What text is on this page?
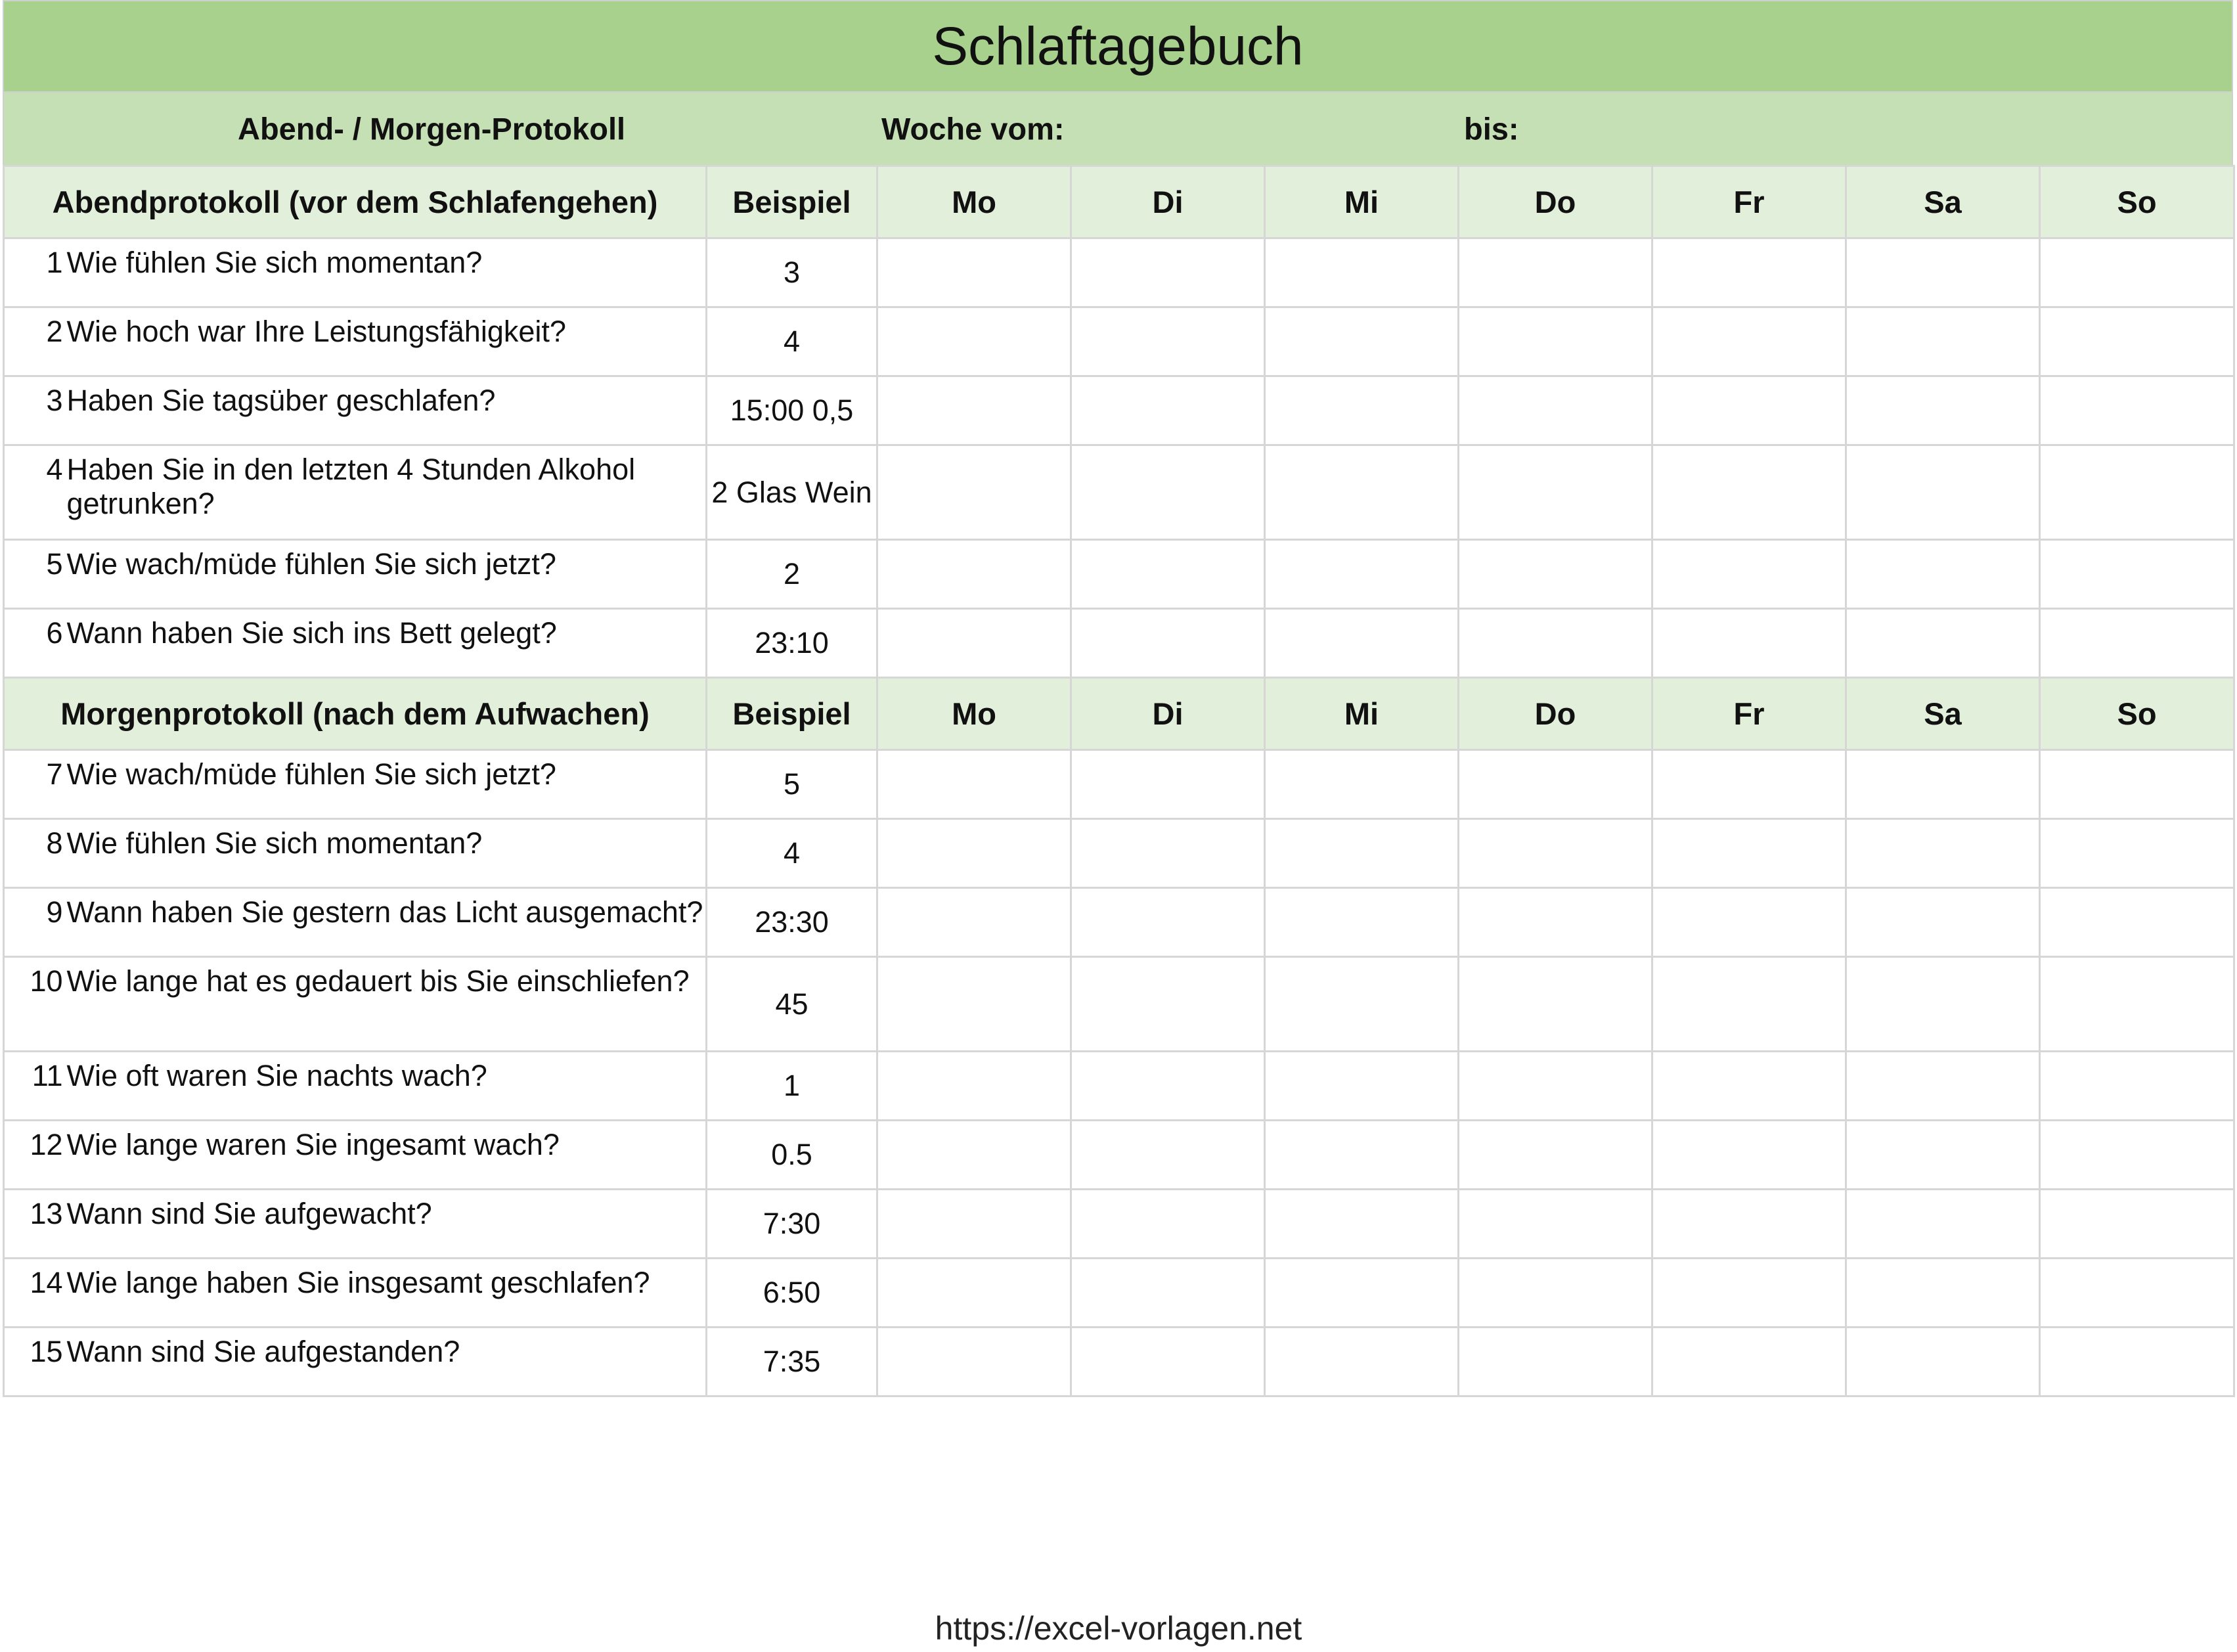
Schlaftagebuch
Abend- / Morgen-Protokoll	Woche vom:	bis:
Abendprotokoll (vor dem Schlafengehen)		Beispiel	Mo	Di	Mi	Do	Fr	Sa	So
1	Wie fühlen Sie sich momentan?	3							
2	Wie hoch war Ihre Leistungsfähigkeit?	4							
3	Haben Sie tagsüber geschlafen?	15:00 0,5							
4	Haben Sie in den letzten 4 Stunden Alkohol getrunken?	2 Glas Wein							
5	Wie wach/müde fühlen Sie sich jetzt?	2							
6	Wann haben Sie sich ins Bett gelegt?	23:10							
Morgenprotokoll (nach dem Aufwachen)		Beispiel	Mo	Di	Mi	Do	Fr	Sa	So
7	Wie wach/müde fühlen Sie sich jetzt?	5							
8	Wie fühlen Sie sich momentan?	4							
9	Wann haben Sie gestern das Licht ausgemacht?	23:30							
10	Wie lange hat es gedauert bis Sie einschliefen?	45							
11	Wie oft waren Sie nachts wach?	1							
12	Wie lange waren Sie ingesamt wach?	0.5							
13	Wann sind Sie aufgewacht?	7:30							
14	Wie lange haben Sie insgesamt geschlafen?	6:50							
15	Wann sind Sie aufgestanden?	7:35							
https://excel-vorlagen.net
